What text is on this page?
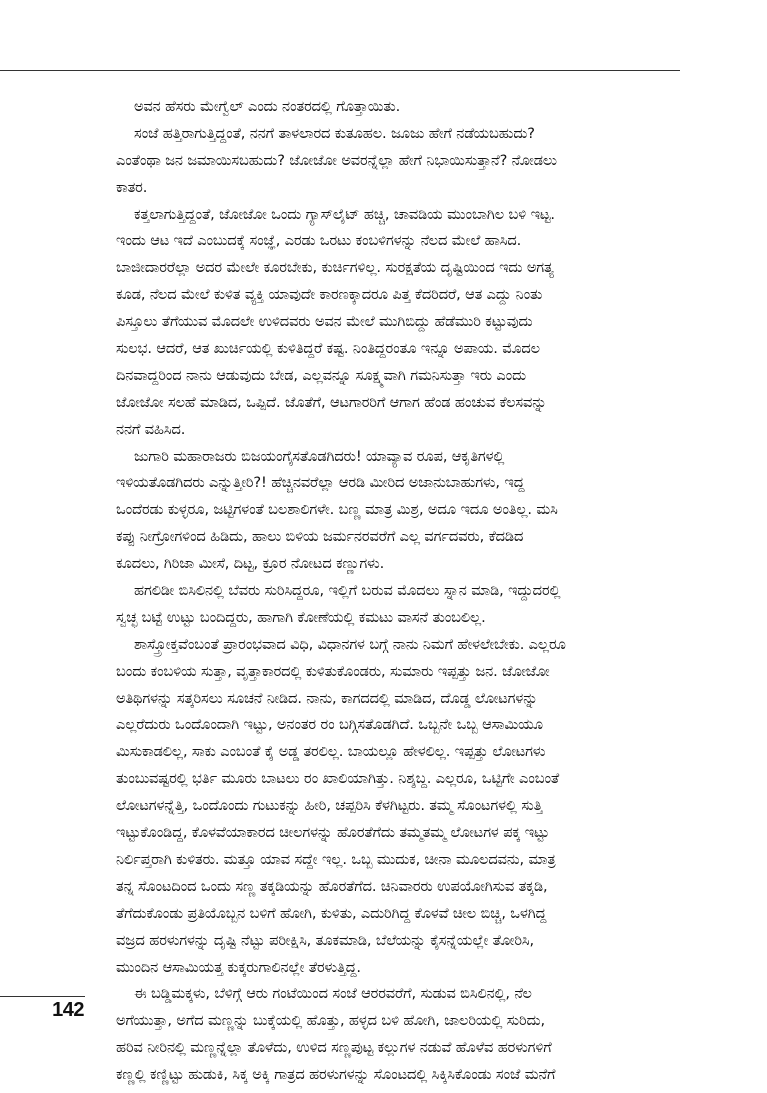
ಅವನ ಹೆಸರು ಮೇಗ್ವೆಲ್ ಎಂದು ನಂತರದಲ್ಲಿ ಗೊತ್ತಾಯಿತು.
ಸಂಜೆ ಹತ್ತಿರಾಗುತ್ತಿದ್ದಂತೆ, ನನಗೆ ತಾಳಲಾರದ ಕುತೂಹಲ. ಜೂಜು ಹೇಗೆ ನಡೆಯಬಹುದು?
ಎಂತೆಂಥಾ ಜನ ಜಮಾಯಿಸಬಹುದು? ಜೋಜೋ ಅವರನ್ನೆಲ್ಲಾ ಹೇಗೆ ನಿಭಾಯಿಸುತ್ತಾನೆ? ನೋಡಲು
ಕಾತರ.
ಕತ್ತಲಾಗುತ್ತಿದ್ದಂತೆ, ಜೋಜೋ ಒಂದು ಗ್ಯಾಸ್‌ಲೈಟ್ ಹಚ್ಚಿ, ಚಾವಡಿಯ ಮುಂಬಾಗಿಲ ಬಳಿ ಇಟ್ಟ.
ಇಂದು ಆಟ ಇದೆ ಎಂಬುದಕ್ಕೆ ಸಂಜ್ಞೆ, ಎರಡು ಒರಟು ಕಂಬಳಿಗಳನ್ನು ನೆಲದ ಮೇಲೆ ಹಾಸಿದ.
ಬಾಜೀದಾರರೆಲ್ಲಾ ಅದರ ಮೇಲೇ ಕೂರಬೇಕು, ಕುರ್ಚಿಗಳಿಲ್ಲ. ಸುರಕ್ಷತೆಯ ದೃಷ್ಟಿಯಿಂದ ಇದು ಅಗತ್ಯ
ಕೂಡ, ನೆಲದ ಮೇಲೆ ಕುಳಿತ ವ್ಯಕ್ತಿ ಯಾವುದೇ ಕಾರಣಕ್ಕಾದರೂ ಪಿತ್ತ ಕೆದರಿದರೆ, ಆತ ಎದ್ದು ನಿಂತು
ಪಿಸ್ತೂಲು ತೆಗೆಯುವ ಮೊದಲೇ ಉಳಿದವರು ಅವನ ಮೇಲೆ ಮುಗಿಬಿದ್ದು ಹೆಡೆಮುರಿ ಕಟ್ಟುವುದು
ಸುಲಭ. ಆದರೆ, ಆತ ಖುರ್ಚಿಯಲ್ಲಿ ಕುಳಿತಿದ್ದರೆ ಕಷ್ಟ. ನಿಂತಿದ್ದರಂತೂ ಇನ್ನೂ ಅಪಾಯ. ಮೊದಲ
ದಿನವಾದ್ದರಿಂದ ನಾನು ಆಡುವುದು ಬೇಡ, ಎಲ್ಲವನ್ನೂ ಸೂಕ್ಷ್ಮವಾಗಿ ಗಮನಿಸುತ್ತಾ ಇರು ಎಂದು
ಜೋಜೋ ಸಲಹೆ ಮಾಡಿದ, ಒಪ್ಪಿದೆ. ಜೊತೆಗೆ, ಆಟಗಾರರಿಗೆ ಆಗಾಗ ಹೆಂಡ ಹಂಚುವ ಕೆಲಸವನ್ನು
ನನಗೆ ವಹಿಸಿದ.
ಜುಗಾರಿ ಮಹಾರಾಜರು ಬಿಜಯಂಗೈಸತೊಡಗಿದರು! ಯಾವ್ಯಾವ ರೂಪ, ಆಕೃತಿಗಳಲ್ಲಿ
ಇಳಿಯತೊಡಗಿದರು ಎನ್ನುತ್ತೀರಿ?! ಹೆಚ್ಚಿನವರೆಲ್ಲಾ ಆರಡಿ ಮೀರಿದ ಅಜಾನುಬಾಹುಗಳು, ಇದ್ದ
ಒಂದೆರಡು ಕುಳ್ಳರೂ, ಜಟ್ಟಿಗಳಂತೆ ಬಲಶಾಲಿಗಳೇ. ಬಣ್ಣ ಮಾತ್ರ ಮಿಶ್ರ, ಅದೂ ಇದೂ ಅಂತಿಲ್ಲ. ಮಸಿ
ಕಪ್ಪು ನೀಗ್ರೋಗಳಿಂದ ಹಿಡಿದು, ಹಾಲು ಬಿಳಿಯ ಜರ್ಮನರವರೆಗೆ ಎಲ್ಲ ವರ್ಗದವರು, ಕೆದಡಿದ
ಕೂದಲು, ಗಿರಿಜಾ ಮೀಸೆ, ದಿಟ್ಟ, ಕ್ರೂರ ನೋಟದ ಕಣ್ಣುಗಳು.
ಹಗಲಿಡೀ ಬಿಸಿಲಿನಲ್ಲಿ ಬೆವರು ಸುರಿಸಿದ್ದರೂ, ಇಲ್ಲಿಗೆ ಬರುವ ಮೊದಲು ಸ್ನಾನ ಮಾಡಿ, ಇದ್ದುದರಲ್ಲಿ
ಸ್ವಚ್ಛ ಬಟ್ಟೆ ಉಟ್ಟು ಬಂದಿದ್ದರು, ಹಾಗಾಗಿ ಕೋಣೆಯಲ್ಲಿ ಕಮಟು ವಾಸನೆ ತುಂಬಲಿಲ್ಲ.
ಶಾಸ್ತ್ರೋಕ್ತವೆಂಬಂತೆ ಪ್ರಾರಂಭವಾದ ವಿಧಿ, ವಿಧಾನಗಳ ಬಗ್ಗೆ ನಾನು ನಿಮಗೆ ಹೇಳಲೇಬೇಕು. ಎಲ್ಲರೂ
ಬಂದು ಕಂಬಳಿಯ ಸುತ್ತಾ, ವೃತ್ತಾಕಾರದಲ್ಲಿ ಕುಳಿತುಕೊಂಡರು, ಸುಮಾರು ಇಪ್ಪತ್ತು ಜನ. ಜೋಜೋ
ಅತಿಥಿಗಳನ್ನು ಸತ್ಕರಿಸಲು ಸೂಚನೆ ನೀಡಿದ. ನಾನು, ಕಾಗದದಲ್ಲಿ ಮಾಡಿದ, ದೊಡ್ಡ ಲೋಟಗಳನ್ನು
ಎಲ್ಲರೆದುರು ಒಂದೊಂದಾಗಿ ಇಟ್ಟು, ಅನಂತರ ರಂ ಬಗ್ಗಿಸತೊಡಗಿದೆ. ಒಬ್ಬನೇ ಒಬ್ಬ ಆಸಾಮಿಯೂ
ಮಿಸುಕಾಡಲಿಲ್ಲ, ಸಾಕು ಎಂಬಂತೆ ಕೈ ಅಡ್ಡ ತರಲಿಲ್ಲ. ಬಾಯಲ್ಲೂ ಹೇಳಲಿಲ್ಲ. ಇಪ್ಪತ್ತು ಲೋಟಗಳು
ತುಂಬುವಷ್ಟರಲ್ಲಿ ಭರ್ತಿ ಮೂರು ಬಾಟಲು ರಂ ಖಾಲಿಯಾಗಿತ್ತು. ನಿಶ್ಶಬ್ದ. ಎಲ್ಲರೂ, ಒಟ್ಟಿಗೇ ಎಂಬಂತೆ
ಲೋಟಗಳನ್ನೆತ್ತಿ, ಒಂದೊಂದು ಗುಟುಕನ್ನು ಹೀರಿ, ಚಪ್ಪರಿಸಿ ಕೆಳಗಿಟ್ಟರು. ತಮ್ಮ ಸೊಂಟಗಳಲ್ಲಿ ಸುತ್ತಿ
ಇಟ್ಟುಕೊಂಡಿದ್ದ, ಕೊಳವೆಯಾಕಾರದ ಚೀಲಗಳನ್ನು ಹೊರತೆಗೆದು ತಮ್ಮತಮ್ಮ ಲೋಟಗಳ ಪಕ್ಕ ಇಟ್ಟು
ನಿರ್ಲಿಪ್ತರಾಗಿ ಕುಳಿತರು. ಮತ್ತೂ ಯಾವ ಸದ್ದೇ ಇಲ್ಲ. ಒಬ್ಬ ಮುದುಕ, ಚೀನಾ ಮೂಲದವನು, ಮಾತ್ರ
ತನ್ನ ಸೊಂಟದಿಂದ ಒಂದು ಸಣ್ಣ ತಕ್ಕಡಿಯನ್ನು ಹೊರತೆಗೆದ. ಚಿನಿವಾರರು ಉಪಯೋಗಿಸುವ ತಕ್ಕಡಿ,
ತೆಗೆದುಕೊಂಡು ಪ್ರತಿಯೊಬ್ಬನ ಬಳಿಗೆ ಹೋಗಿ, ಕುಳಿತು, ಎದುರಿಗಿದ್ದ ಕೊಳವೆ ಚೀಲ ಬಿಚ್ಚಿ, ಒಳಗಿದ್ದ
ವಜ್ರದ ಹರಳುಗಳನ್ನು ದೃಷ್ಟಿ ನೆಟ್ಟು ಪರೀಕ್ಷಿಸಿ, ತೂಕಮಾಡಿ, ಬೆಲೆಯನ್ನು ಕೈಸನ್ನೆಯಲ್ಲೇ ತೋರಿಸಿ,
ಮುಂದಿನ ಆಸಾಮಿಯತ್ತ ಕುಕ್ಕರುಗಾಲಿನಲ್ಲೇ ತೆರಳುತ್ತಿದ್ದ.
ಈ ಬಡ್ಡಿಮಕ್ಕಳು, ಬೆಳಿಗ್ಗೆ ಆರು ಗಂಟೆಯಿಂದ ಸಂಜೆ ಆರರವರೆಗೆ, ಸುಡುವ ಬಿಸಿಲಿನಲ್ಲಿ, ನೆಲ
ಅಗೆಯುತ್ತಾ, ಅಗೆದ ಮಣ್ಣನ್ನು ಬುಕ್ಕೆಯಲ್ಲಿ ಹೊತ್ತು, ಹಳ್ಳದ ಬಳಿ ಹೋಗಿ, ಜಾಲರಿಯಲ್ಲಿ ಸುರಿದು,
ಹರಿವ ನೀರಿನಲ್ಲಿ ಮಣ್ಣನ್ನೆಲ್ಲಾ ತೊಳೆದು, ಉಳಿದ ಸಣ್ಣಪುಟ್ಟ ಕಲ್ಲುಗಳ ನಡುವೆ ಹೊಳೆವ ಹರಳುಗಳಿಗೆ
ಕಣ್ಣಲ್ಲಿ ಕಣ್ಣಿಟ್ಟು ಹುಡುಕಿ, ಸಿಕ್ಕ ಅಕ್ಕಿ ಗಾತ್ರದ ಹರಳುಗಳನ್ನು ಸೊಂಟದಲ್ಲಿ ಸಿಕ್ಕಿಸಿಕೊಂಡು ಸಂಜೆ ಮನೆಗೆ
142
